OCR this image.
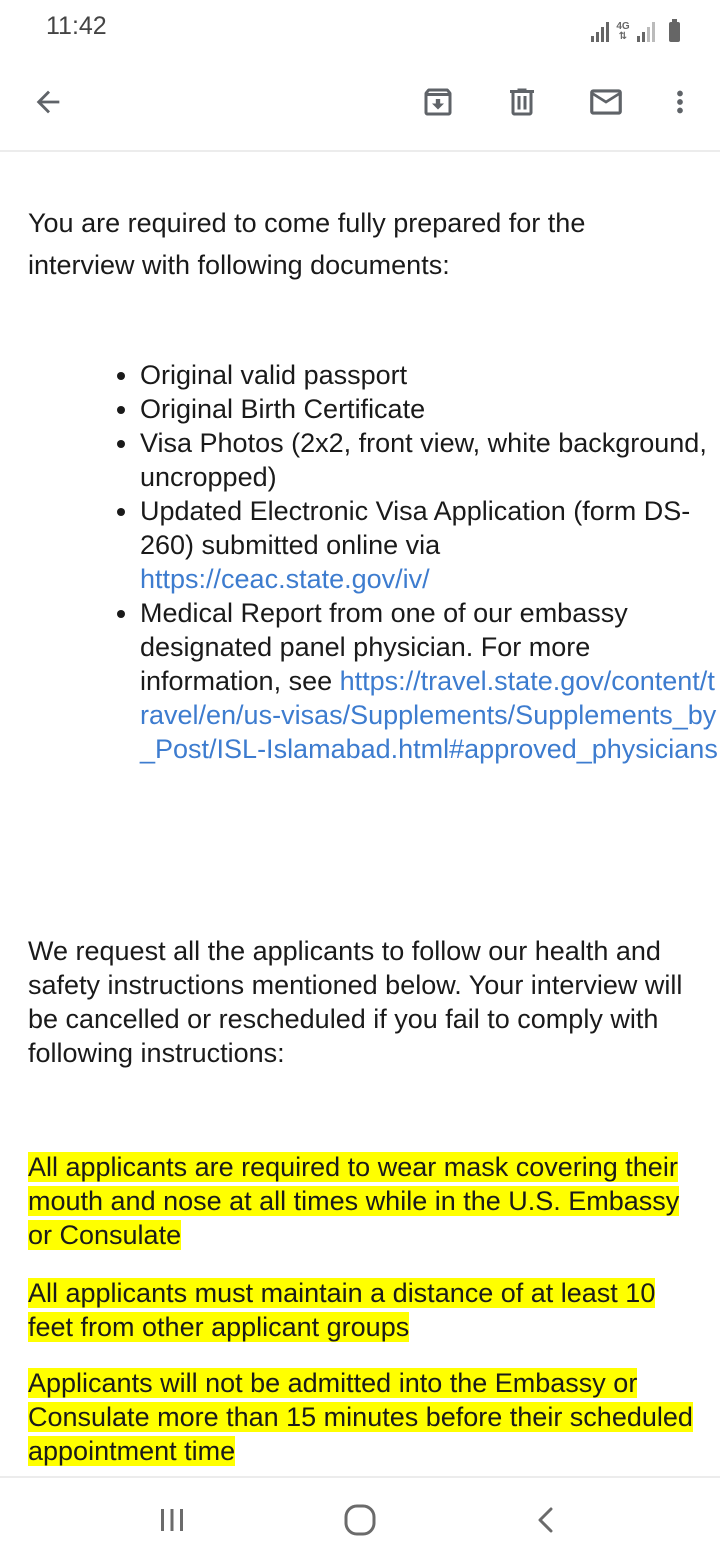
11:42	4G
⇅

You are required to come fully prepared for the interview with following documents:

• Original valid passport
• Original Birth Certificate
• Visa Photos (2x2, front view, white background, uncropped)
• Updated Electronic Visa Application (form DS-260) submitted online via https://ceac.state.gov/iv/
• Medical Report from one of our embassy designated panel physician. For more information, see https://travel.state.gov/content/travel/en/us-visas/Supplements/Supplements_by_Post/ISL-Islamabad.html#approved_physicians

We request all the applicants to follow our health and safety instructions mentioned below. Your interview will be cancelled or rescheduled if you fail to comply with following instructions:

All applicants are required to wear mask covering their mouth and nose at all times while in the U.S. Embassy or Consulate

All applicants must maintain a distance of at least 10 feet from other applicant groups

Applicants will not be admitted into the Embassy or Consulate more than 15 minutes before their scheduled appointment time
